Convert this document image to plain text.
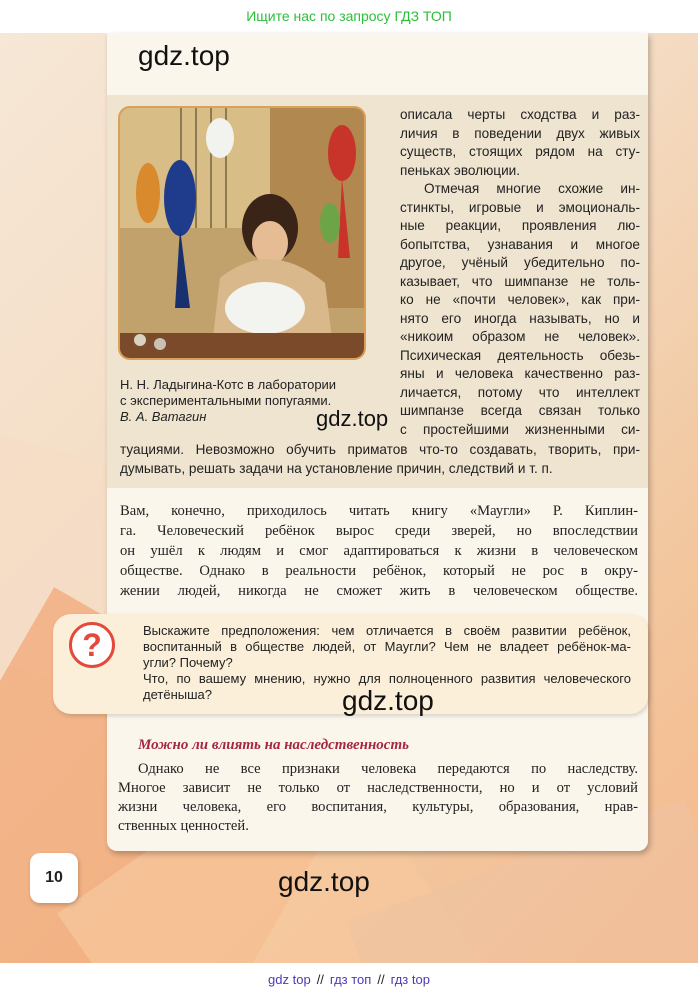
Ищите нас по запросу ГДЗ ТОП
gdz.top
Н. Н. Ладыгина-Котс в лаборатории
с экспериментальными попугаями.
В. А. Ватагин	gdz.top
описала черты сходства и раз-
личия в поведении двух живых
существ, стоящих рядом на сту-
пеньках эволюции.
Отмечая многие схожие ин-
стинкты, игровые и эмоциональ-
ные реакции, проявления лю-
бопытства, узнавания и многое
другое, учёный убедительно по-
казывает, что шимпанзе не толь-
ко не «почти человек», как при-
нято его иногда называть, но и
«никоим образом не человек».
Психическая деятельность обезь-
яны и человека качественно раз-
личается, потому что интеллект
шимпанзе всегда связан только
с простейшими жизненными си-
туациями. Невозможно обучить приматов что-то создавать, творить, при-
думывать, решать задачи на установление причин, следствий и т. п.
Вам, конечно, приходилось читать книгу «Маугли» Р. Киплин-
га. Человеческий ребёнок вырос среди зверей, но впоследствии
он ушёл к людям и смог адаптироваться к жизни в человеческом
обществе. Однако в реальности ребёнок, который не рос в окру-
жении людей, никогда не сможет жить в человеческом обществе.
?	Выскажите предположения: чем отличается в своём развитии ребёнок,
воспитанный в обществе людей, от Маугли? Чем не владеет ребёнок-ма-
угли? Почему?
Что, по вашему мнению, нужно для полноценного развития человеческого
детёныша?	gdz.top
Можно ли влиять на наследственность
Однако не все признаки человека передаются по наследству.
Многое зависит не только от наследственности, но и от условий
жизни человека, его воспитания, культуры, образования, нрав-
ственных ценностей.
10	gdz.top
gdz top // гдз топ // гдз top
